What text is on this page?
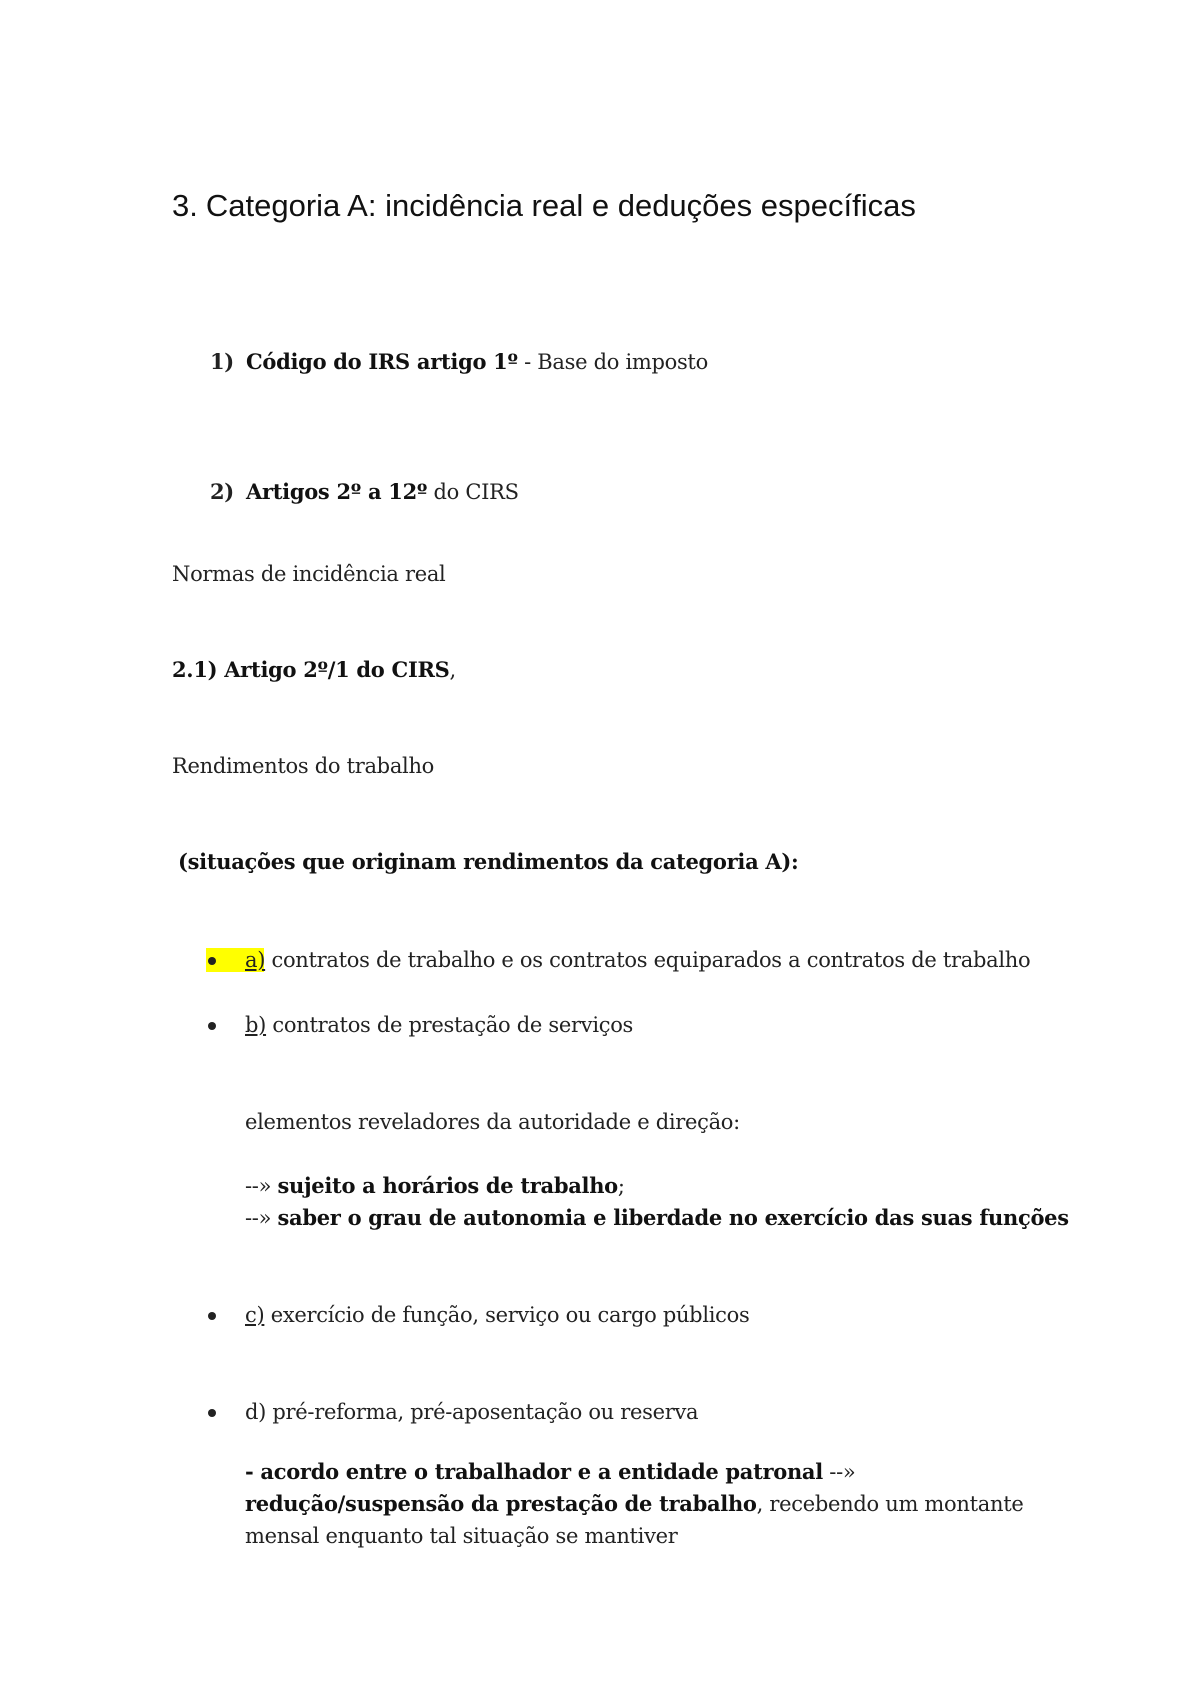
3. Categoria A: incidência real e deduções específicas
1) Código do IRS artigo 1º - Base do imposto
2) Artigos 2º a 12º do CIRS
Normas de incidência real
2.1) Artigo 2º/1 do CIRS,
Rendimentos do trabalho
(situações que originam rendimentos da categoria A):
a) contratos de trabalho e os contratos equiparados a contratos de trabalho
b) contratos de prestação de serviços
elementos reveladores da autoridade e direção:
--» sujeito a horários de trabalho;
--» saber o grau de autonomia e liberdade no exercício das suas funções
c) exercício de função, serviço ou cargo públicos
d) pré-reforma, pré-aposentação ou reserva
- acordo entre o trabalhador e a entidade patronal --» redução/suspensão da prestação de trabalho, recebendo um montante mensal enquanto tal situação se mantiver
